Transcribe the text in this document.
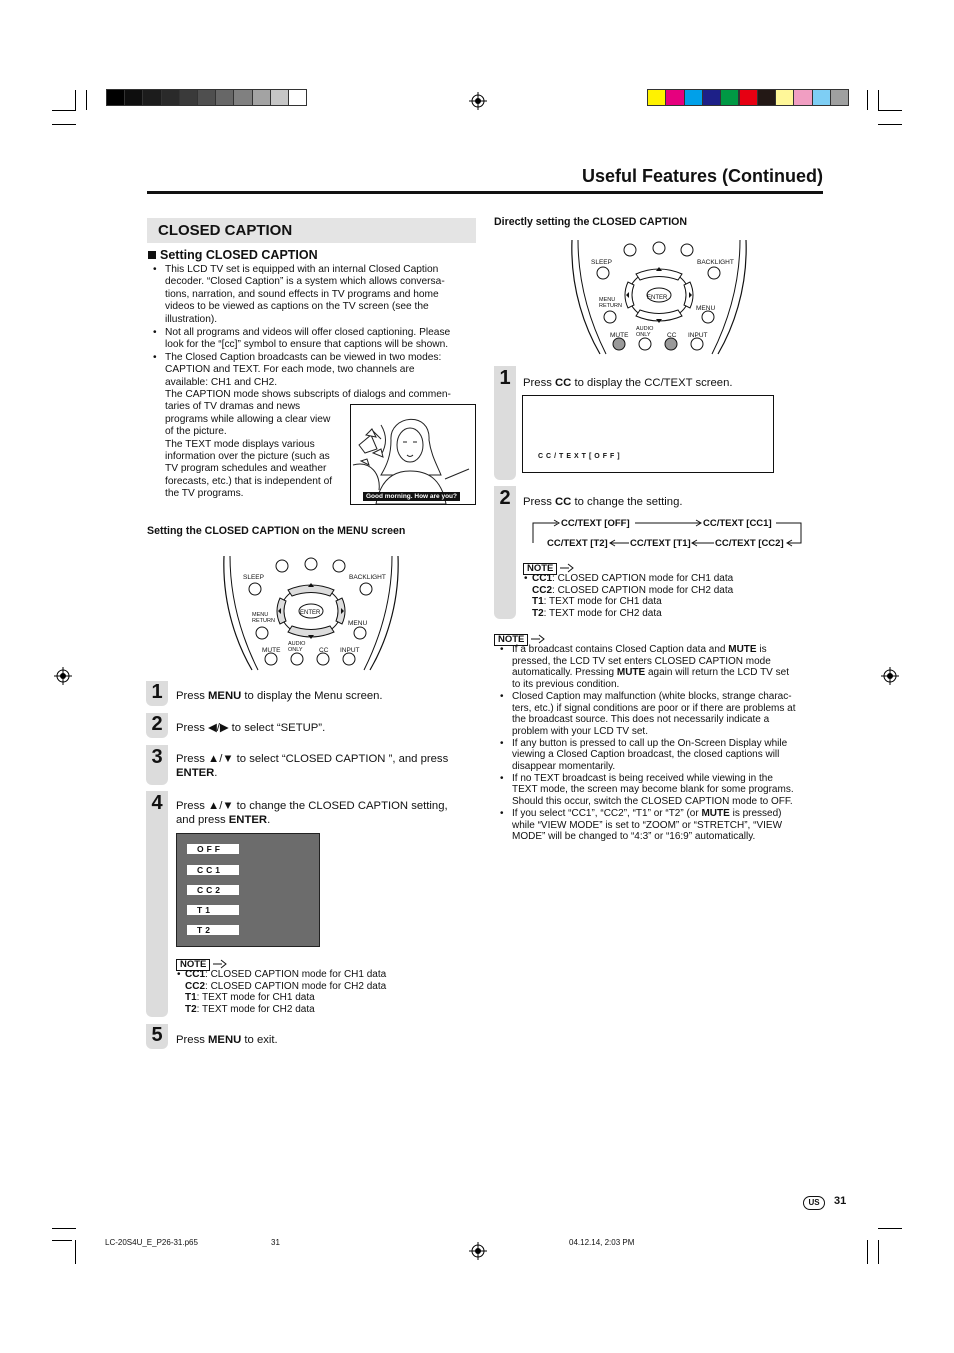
Useful Features (Continued)
CLOSED CAPTION
Setting CLOSED CAPTION
• This LCD TV set is equipped with an internal Closed Caption
decoder. “Closed Caption” is a system which allows conversa-
tions, narration, and sound effects in TV programs and home
videos to be viewed as captions on the TV screen (see the
illustration).
• Not all programs and videos will offer closed captioning. Please
look for the “[cc]” symbol to ensure that captions will be shown.
• The Closed Caption broadcasts can be viewed in two modes:
CAPTION and TEXT. For each mode, two channels are
available: CH1 and CH2.
The CAPTION mode shows subscripts of dialogs and commen-
taries of TV dramas and news
programs while allowing a clear view
of the picture.
The TEXT mode displays various
information over the picture (such as
TV program schedules and weather
forecasts, etc.) that is independent of
the TV programs.	Good morning. How are you?
Setting the CLOSED CAPTION on the MENU screen
SLEEP	BACKLIGHT
MENU RETURN
ENTER
MENU
MUTE
AUDIO ONLY	CC INPUT
1	Press MENU to display the Menu screen.
2	Press ◀/▶ to select “SETUP”.
3	Press ▲/▼ to select “CLOSED CAPTION ”, and press
ENTER.
4	Press ▲/▼ to change the CLOSED CAPTION setting,
and press ENTER.
OFF
CC1
CC2
T1
T2
NOTE
•CC1: CLOSED CAPTION mode for CH1 data
CC2: CLOSED CAPTION mode for CH2 data
T1: TEXT mode for CH1 data
T2: TEXT mode for CH2 data
5	Press MENU to exit.
Directly setting the CLOSED CAPTION
SLEEP	BACKLIGHT
MENU RETURN
ENTER
MENU
MUTE
AUDIO ONLY	CC INPUT
1	Press CC to display the CC/TEXT screen.
CC/TEXT[OFF]
2	Press CC to change the setting.
CC/TEXT [OFF]	CC/TEXT [CC1]
CC/TEXT [T2] CC/TEXT [T1]	CC/TEXT [CC2]
NOTE
•CC1: CLOSED CAPTION mode for CH1 data
CC2: CLOSED CAPTION mode for CH2 data
T1: TEXT mode for CH1 data
T2: TEXT mode for CH2 data
NOTE
• If a broadcast contains Closed Caption data and MUTE is
pressed, the LCD TV set enters CLOSED CAPTION mode
automatically. Pressing MUTE again will return the LCD TV set
to its previous condition.
• Closed Caption may malfunction (white blocks, strange charac-
ters, etc.) if signal conditions are poor or if there are problems at
the broadcast source. This does not necessarily indicate a
problem with your LCD TV set.
• If any button is pressed to call up the On-Screen Display while
viewing a Closed Caption broadcast, the closed captions will
disappear momentarily.
• If no TEXT broadcast is being received while viewing in the
TEXT mode, the screen may become blank for some programs.
Should this occur, switch the CLOSED CAPTION mode to OFF.
• If you select “CC1”, “CC2”, “T1” or “T2” (or MUTE is pressed)
while “VIEW MODE” is set to “ZOOM” or “STRETCH”, “VIEW
MODE” will be changed to “4:3” or “16:9” automatically.
US	31
LC-20S4U_E_P26-31.p65	31	04.12.14, 2:03 PM
